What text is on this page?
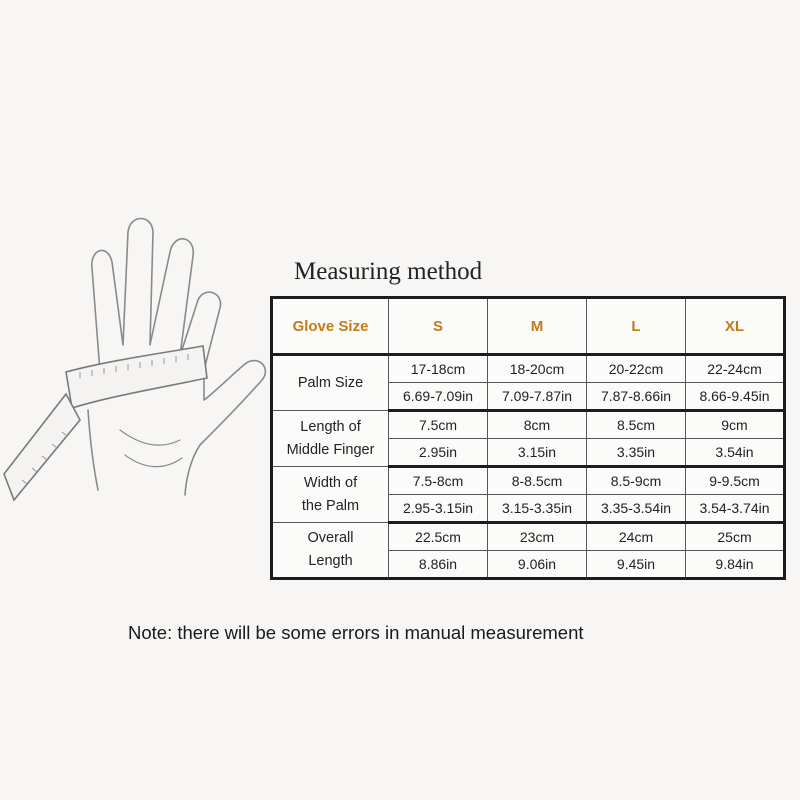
Measuring method
Glove Size	S	M	L	XL
Palm Size	17-18cm	18-20cm	20-22cm	22-24cm
	6.69-7.09in	7.09-7.87in	7.87-8.66in	8.66-9.45in
Length of
Middle Finger	7.5cm	8cm	8.5cm	9cm
	2.95in	3.15in	3.35in	3.54in
Width of
the Palm	7.5-8cm	8-8.5cm	8.5-9cm	9-9.5cm
	2.95-3.15in	3.15-3.35in	3.35-3.54in	3.54-3.74in
Overall
Length	22.5cm	23cm	24cm	25cm
	8.86in	9.06in	9.45in	9.84in
Note: there will be some errors in manual measurement
